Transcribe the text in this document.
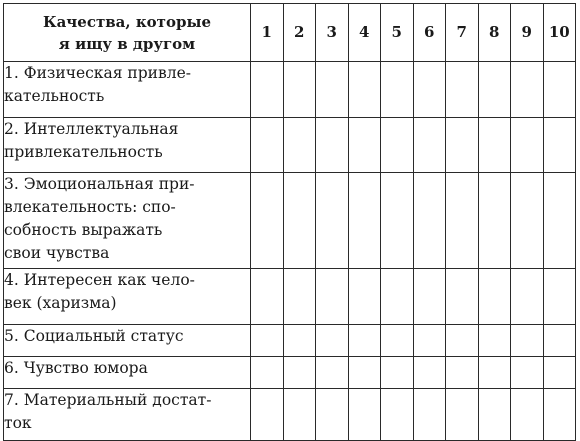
Качества, которые
я ищу в другом	1	2	3	4	5	6	7	8	9	10
1. Физическая привле-
кательность										
2. Интеллектуальная
привлекательность										
3. Эмоциональная при-
влекательность: спо-
собность выражать
свои чувства										
4. Интересен как чело-
век (харизма)										
5. Социальный статус										
6. Чувство юмора										
7. Материальный достат-
ток										
